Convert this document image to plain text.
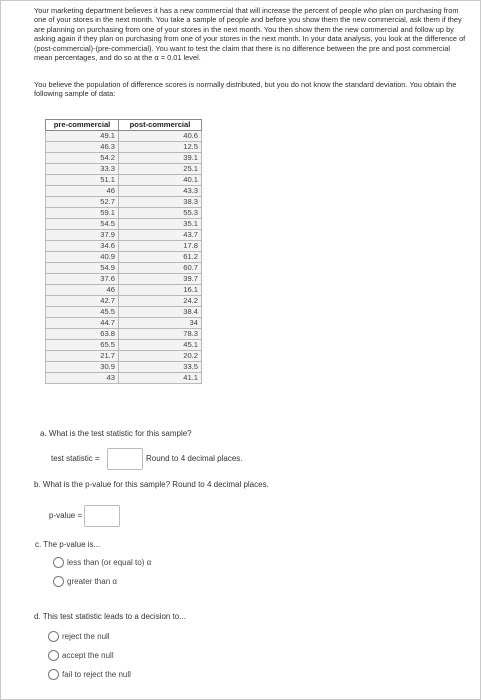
Your marketing department believes it has a new commercial that will increase the percent of people who plan on purchasing from one of your stores in the next month. You take a sample of people and before you show them the new commercial, ask them if they are planning on purchasing from one of your stores in the next month. You then show them the new commercial and follow up by asking again if they plan on purchasing from one of your stores in the next month. In your data analysis, you look at the difference of (post-commercial)-(pre-commercial). You want to test the claim that there is no difference between the pre and post commercial mean percentages, and do so at the α = 0.01 level.
You believe the population of difference scores is normally distributed, but you do not know the standard deviation. You obtain the following sample of data:
pre-commercial	post-commercial
49.1	40.6
46.3	12.5
54.2	39.1
33.3	25.1
51.1	40.1
46	43.3
52.7	38.3
59.1	55.3
54.5	35.1
37.9	43.7
34.6	17.8
40.9	61.2
54.9	60.7
37.6	39.7
46	16.1
42.7	24.2
45.5	38.4
44.7	34
63.8	78.3
65.5	45.1
21.7	20.2
30.9	33.5
43	41.1
a. What is the test statistic for this sample?
test statistic =	Round to 4 decimal places.
b. What is the p-value for this sample? Round to 4 decimal places.
p-value =
c. The p-value is...
less than (or equal to) α
greater than α
d. This test statistic leads to a decision to...
reject the null
accept the null
fail to reject the null
